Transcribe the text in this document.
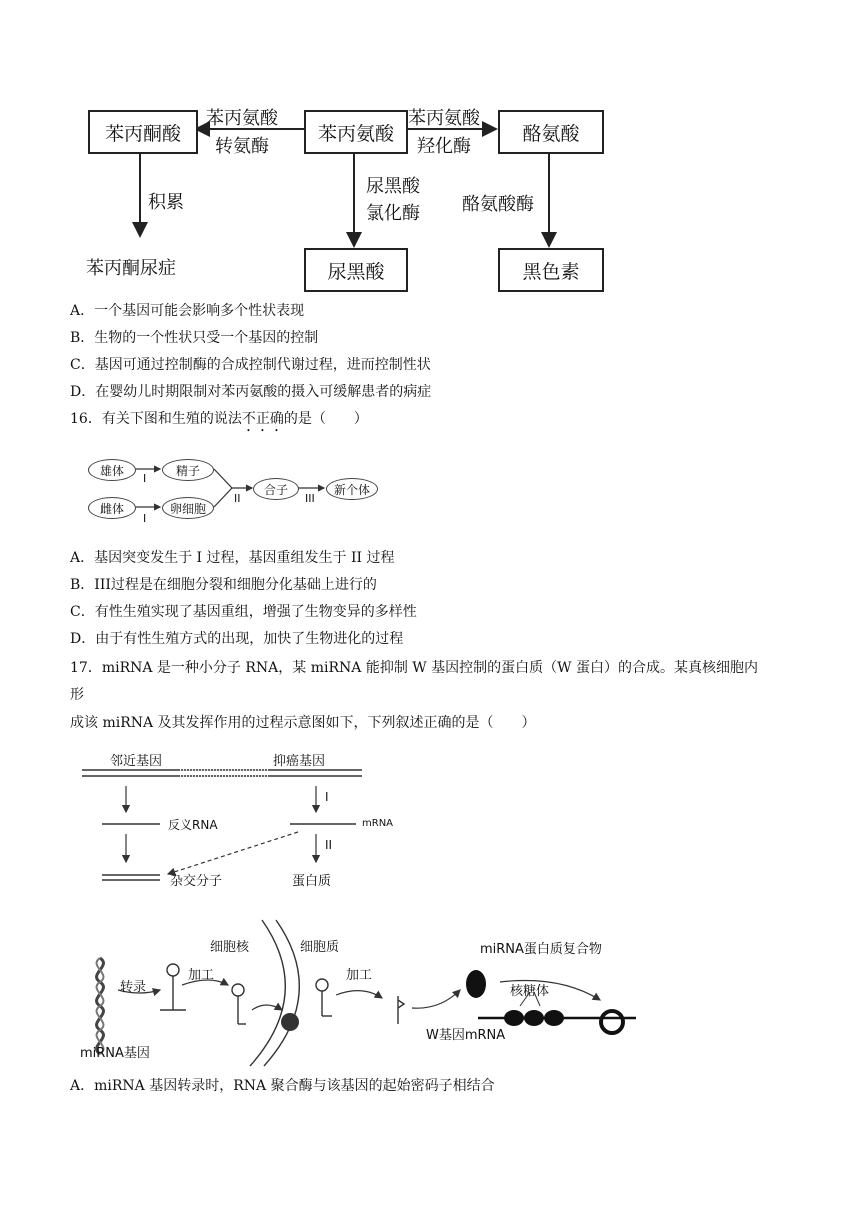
苯丙酮酸	苯丙氨酸	酪氨酸
尿黑酸	黑色素
苯丙氨酸
转氨酶
苯丙氨酸
羟化酶
尿黑酸
氯化酶 酪氨酸酶
积累
苯丙酮尿症
A．一个基因可能会影响多个性状表现
B．生物的一个性状只受一个基因的控制
C．基因可通过控制酶的合成控制代谢过程，进而控制性状
D．在婴幼儿时期限制对苯丙氨酸的摄入可缓解患者的病症
16．有关下图和生殖的说法不正确的是（　　）
雄体
雌体
精子
卵细胞
合子	新个体
I
I
II	III
A．基因突变发生于 I 过程，基因重组发生于 II 过程
B．III过程是在细胞分裂和细胞分化基础上进行的
C．有性生殖实现了基因重组，增强了生物变异的多样性
D．由于有性生殖方式的出现，加快了生物进化的过程
17．miRNA 是一种小分子 RNA，某 miRNA 能抑制 W 基因控制的蛋白质（W 蛋白）的合成。某真核细胞内
形
成该 miRNA 及其发挥作用的过程示意图如下，下列叙述正确的是（　　）
邻近基因	抑癌基因
反义RNA	mRNA
杂交分子	蛋白质
I
II
细胞核	细胞质	miRNA蛋白质复合物
转录
加工	加工
核糖体
W基因mRNA
miRNA基因
A．miRNA 基因转录时，RNA 聚合酶与该基因的起始密码子相结合
